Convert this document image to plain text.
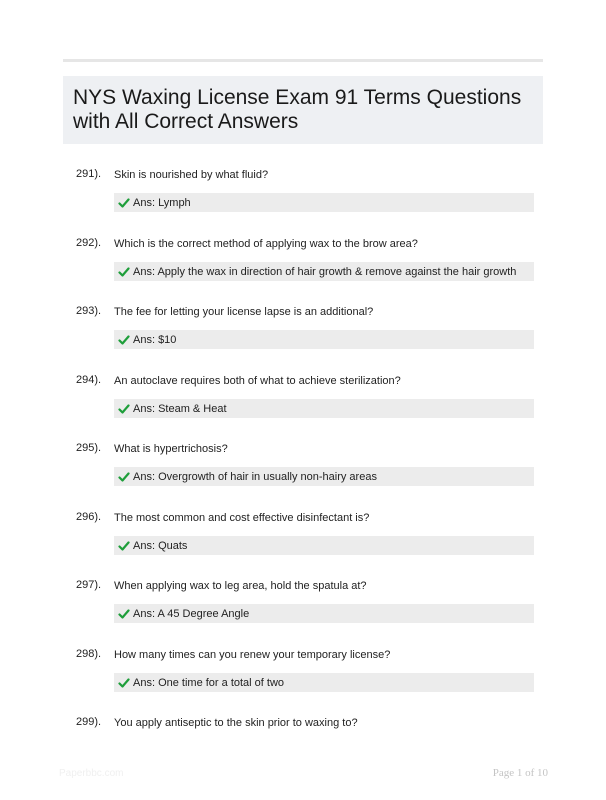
NYS Waxing License Exam 91 Terms Questions with All Correct Answers
291). Skin is nourished by what fluid?
Ans: Lymph
292). Which is the correct method of applying wax to the brow area?
Ans: Apply the wax in direction of hair growth & remove against the hair growth
293). The fee for letting your license lapse is an additional?
Ans: $10
294). An autoclave requires both of what to achieve sterilization?
Ans: Steam & Heat
295). What is hypertrichosis?
Ans: Overgrowth of hair in usually non-hairy areas
296). The most common and cost effective disinfectant is?
Ans: Quats
297). When applying wax to leg area, hold the spatula at?
Ans: A 45 Degree Angle
298). How many times can you renew your temporary license?
Ans: One time for a total of two
299). You apply antiseptic to the skin prior to waxing to?
Paperbbc.com	Page 1 of 10
